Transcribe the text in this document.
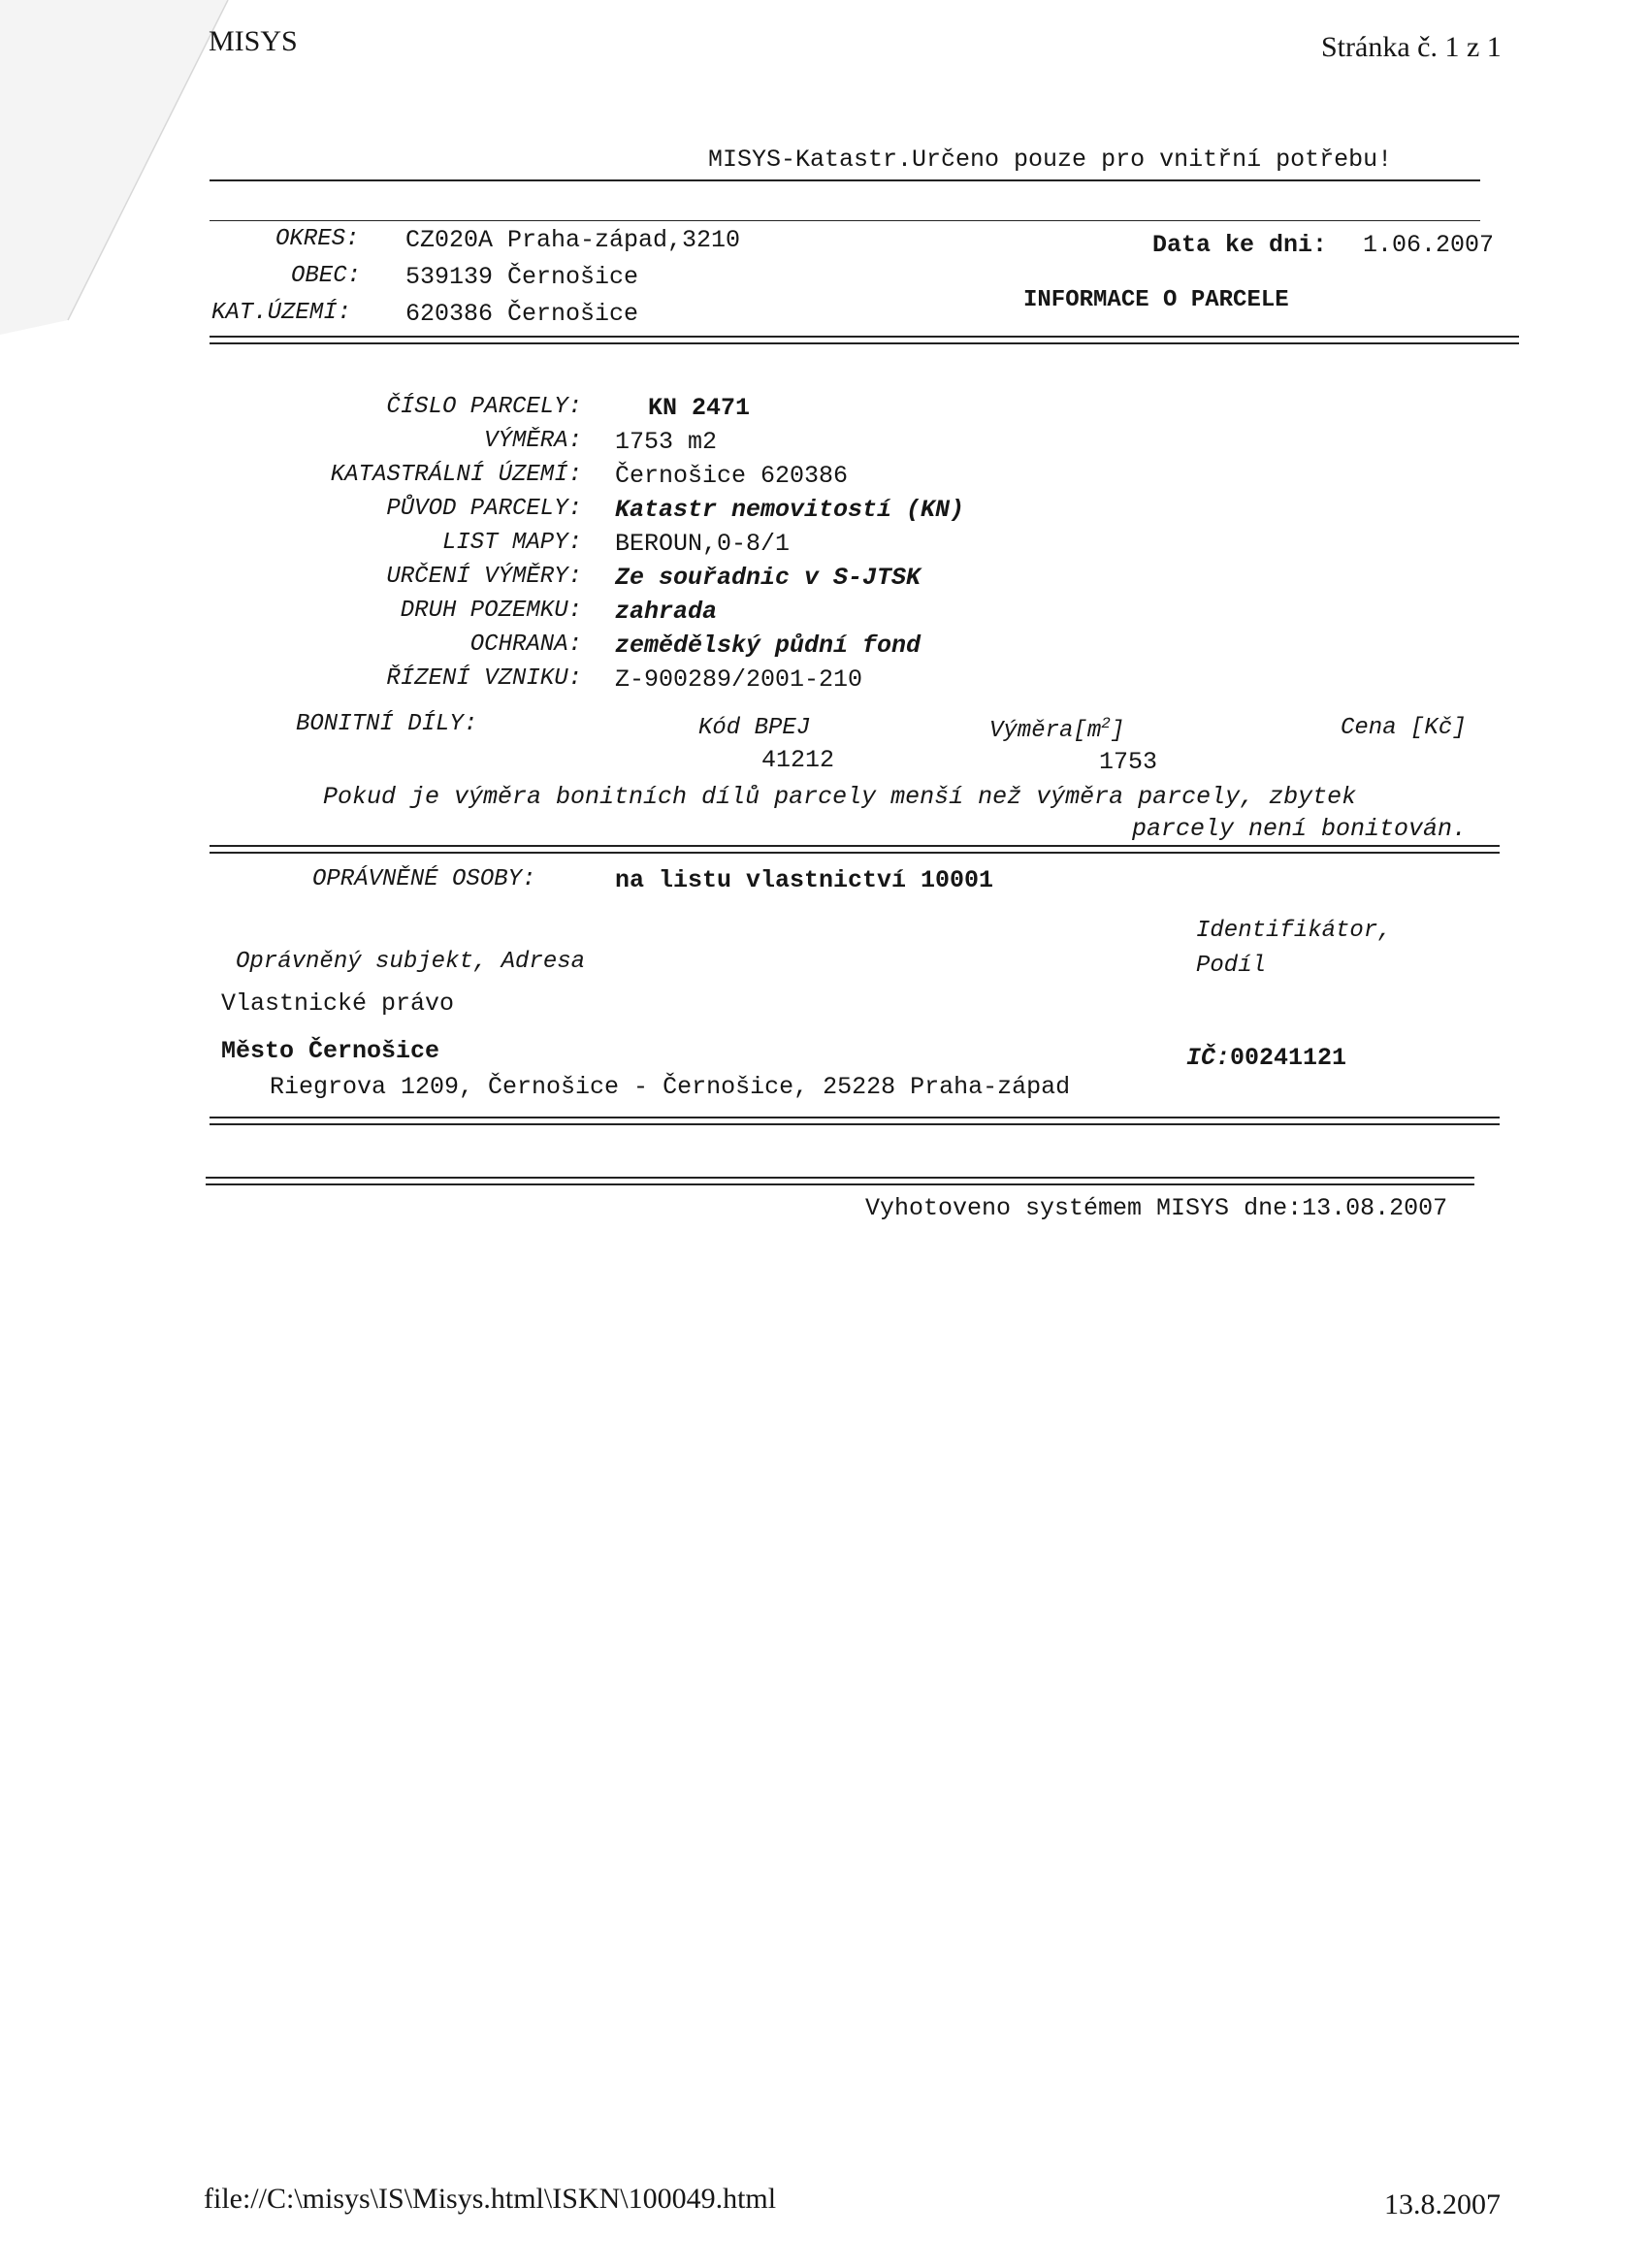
MISYS	Stránka č. 1 z 1
MISYS-Katastr.Určeno pouze pro vnitřní potřebu!
OKRES: CZ020A Praha-západ,3210	Data ke dni: 1.06.2007
OBEC: 539139 Černošice
INFORMACE O PARCELE
KAT.ÚZEMÍ: 620386 Černošice
ČÍSLO PARCELY:	KN 2471
VÝMĚRA: 1753 m2
KATASTRÁLNÍ ÚZEMÍ: Černošice 620386
PŮVOD PARCELY: Katastr nemovitostí (KN)
LIST MAPY: BEROUN,0-8/1
URČENÍ VÝMĚRY: Ze souřadnic v S-JTSK
DRUH POZEMKU: zahrada
OCHRANA: zemědělský půdní fond
ŘÍZENÍ VZNIKU: Z-900289/2001-210
BONITNÍ DÍLY:	Kód BPEJ	$Výměra[m^2]$	Cena [Kč]
41212	1753
Pokud je výměra bonitních dílů parcely menší než výměra parcely, zbytek
parcely není bonitován.
OPRÁVNĚNÉ OSOBY:	na listu vlastnictví 10001
Identifikátor,
Oprávněný subjekt, Adresa	Podíl
Vlastnické právo
Město Černošice	IČ:00241121
Riegrova 1209, Černošice - Černošice, 25228 Praha-západ
Vyhotoveno systémem MISYS dne:13.08.2007
file://C:\misys\IS\Misys.html\ISKN\100049.html	13.8.2007
